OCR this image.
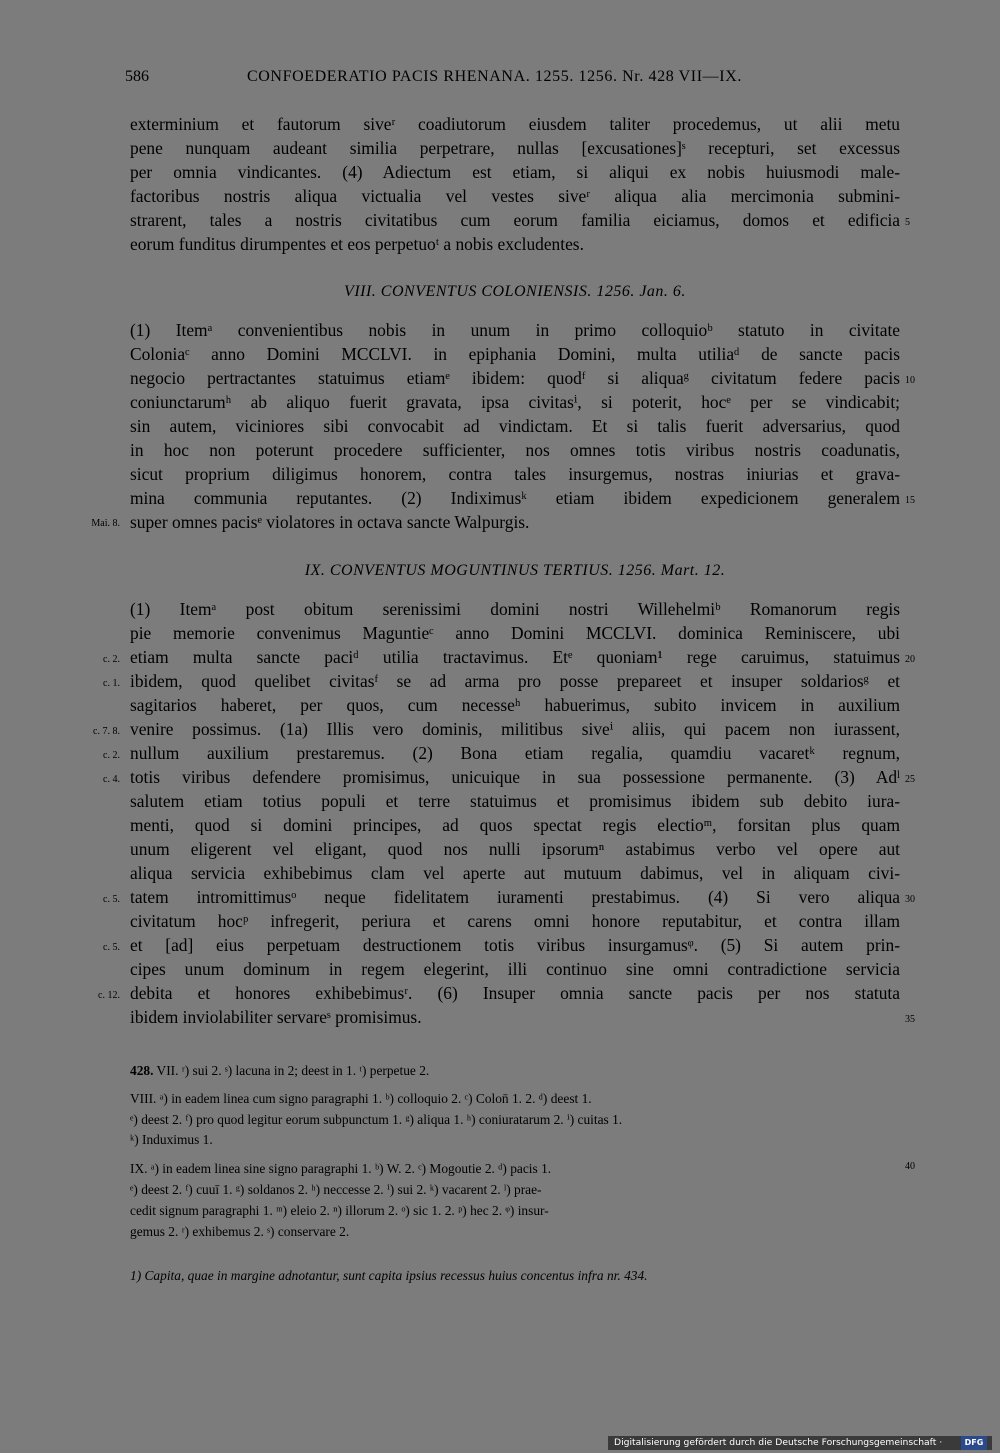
586	CONFOEDERATIO PACIS RHENANA. 1255. 1256. Nr. 428 VII—IX.
exterminium et fautorum siveʳ coadiutorum eiusdem taliter procedemus, ut alii metu
pene nunquam audeant similia perpetrare, nullas [excusationes]ˢ recepturi, set excessus
per omnia vindicantes. (4) Adiectum est etiam, si aliqui ex nobis huiusmodi male-
factoribus nostris aliqua victualia vel vestes siveʳ aliqua alia mercimonia submini-
strarent, tales a nostris civitatibus cum eorum familia eiciamus, domos et edificia
eorum funditus dirumpentes et eos perpetuoᵗ a nobis excludentes.
VIII. CONVENTUS COLONIENSIS. 1256. Jan. 6.
(1) Itemᵃ convenientibus nobis in unum in primo colloquioᵇ statuto in civitate
Coloniaᶜ anno Domini MCCLVI. in epiphania Domini, multa utiliaᵈ de sancte pacis
negocio pertractantes statuimus etiamᵉ ibidem: quodᶠ si aliquaᵍ civitatum federe pacis
coniunctarumʰ ab aliquo fuerit gravata, ipsa civitasⁱ, si poterit, hocᵉ per se vindicabit;
sin autem, viciniores sibi convocabit ad vindictam. Et si talis fuerit adversarius, quod
in hoc non poterunt procedere sufficienter, nos omnes totis viribus nostris coadunatis,
sicut proprium diligimus honorem, contra tales insurgemus, nostras iniurias et grava-
mina communia reputantes. (2) Indiximusᵏ etiam ibidem expedicionem generalem
super omnes pacisᵉ violatores in octava sancte Walpurgis.
IX. CONVENTUS MOGUNTINUS TERTIUS. 1256. Mart. 12.
(1) Itemᵃ post obitum serenissimi domini nostri Willehelmiᵇ Romanorum regis
pie memorie convenimus Maguntieᶜ anno Domini MCCLVI. dominica Reminiscere, ubi
etiam multa sancte paciᵈ utilia tractavimus. Etᵉ quoniam¹ rege caruimus, statuimus
ibidem, quod quelibet civitasᶠ se ad arma pro posse prepareet et insuper soldariosᵍ et
sagitarios haberet, per quos, cum necesseʰ habuerimus, subito invicem in auxilium
venire possimus. (1a) Illis vero dominis, militibus siveⁱ aliis, qui pacem non iurassent,
nullum auxilium prestaremus. (2) Bona etiam regalia, quamdiu vacaretᵏ regnum,
totis viribus defendere promisimus, unicuique in sua possessione permanente. (3) Adˡ
salutem etiam totius populi et terre statuimus et promisimus ibidem sub debito iura-
menti, quod si domini principes, ad quos spectat regis electioᵐ, forsitan plus quam
unum eligerent vel eligant, quod nos nulli ipsorumⁿ astabimus verbo vel opere aut
aliqua servicia exhibebimus clam vel aperte aut mutuum dabimus, vel in aliquam civi-
tatem intromittimusᵒ neque fidelitatem iuramenti prestabimus. (4) Si vero aliqua
civitatum hocᵖ infregerit, periura et carens omni honore reputabitur, et contra illam
et [ad] eius perpetuam destructionem totis viribus insurgamusᵠ. (5) Si autem prin-
cipes unum dominum in regem elegerint, illi continuo sine omni contradictione servicia
debita et honores exhibebimusʳ. (6) Insuper omnia sancte pacis per nos statuta
ibidem inviolabiliter servareˢ promisimus.
5
10
15
20
25
30
35
Mai. 8.
c. 2.
c. 1.
c. 7. 8.
c. 2.
c. 4.
c. 5.
c. 5.
c. 12.
428. VII. ʳ) sui 2. ˢ) lacuna in 2; deest in 1. ᵗ) perpetue 2.
VIII. ᵃ) in eadem linea cum signo paragraphi 1. ᵇ) colloquio 2. ᶜ) Colon̄ 1. 2. ᵈ) deest 1.
ᵉ) deest 2. ᶠ) pro quod legitur eorum subpunctum 1. ᵍ) aliqua 1. ʰ) coniuratarum 2. ⁱ) cuitas 1.
ᵏ) Induximus 1.
IX. ᵃ) in eadem linea sine signo paragraphi 1. ᵇ) W. 2. ᶜ) Mogoutie 2. ᵈ) pacis 1.
ᵉ) deest 2. ᶠ) cuuī 1. ᵍ) soldanos 2. ʰ) neccesse 2. ⁱ) sui 2. ᵏ) vacarent 2. ˡ) prae-
cedit signum paragraphi 1. ᵐ) eleio 2. ⁿ) illorum 2. ᵒ) sic 1. 2. ᵖ) hec 2. ᵠ) insur-
gemus 2. ʳ) exhibemus 2. ˢ) conservare 2.
40
1) Capita, quae in margine adnotantur, sunt capita ipsius recessus huius concentus infra nr. 434.
Digitalisierung gefördert durch die Deutsche Forschungsgemeinschaft ·	DFG
